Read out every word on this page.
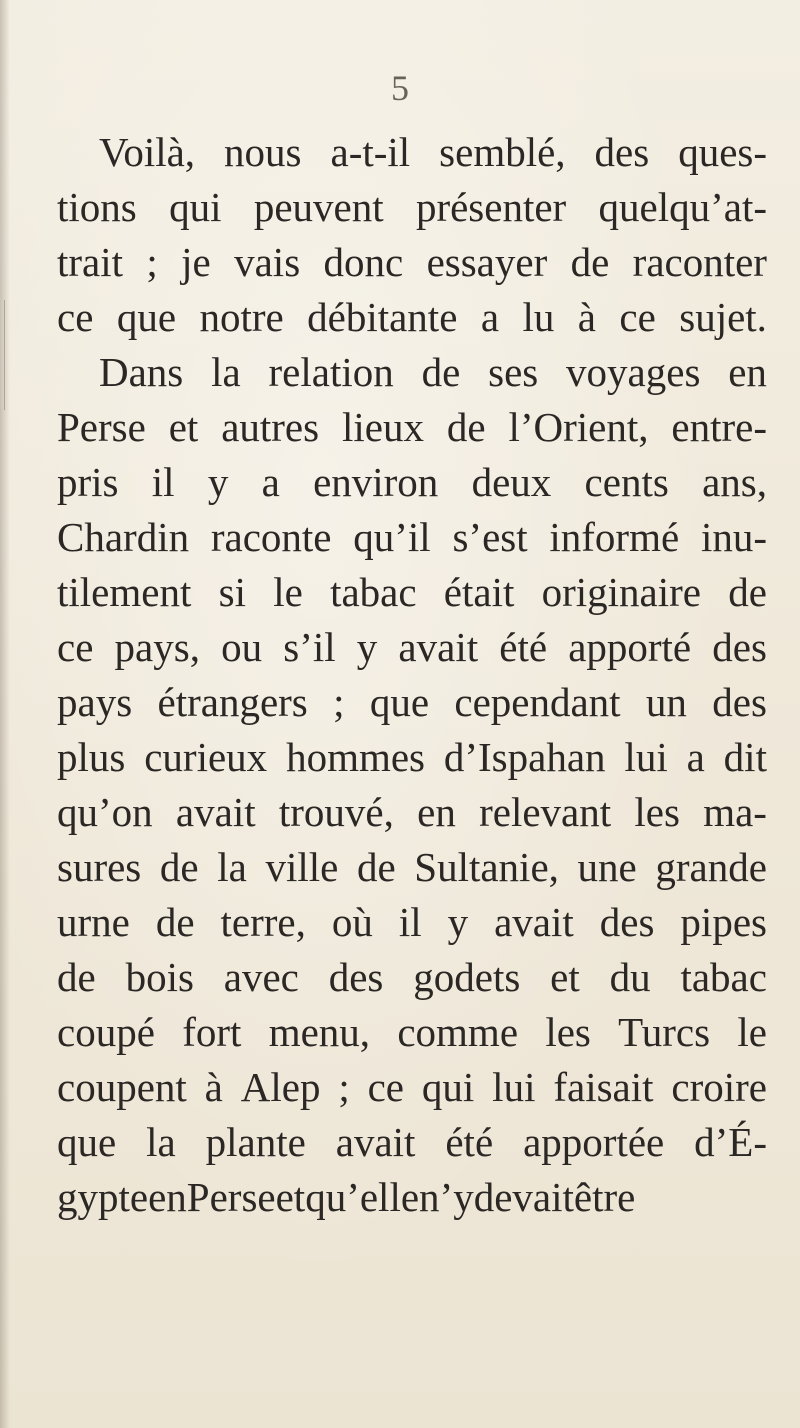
5
Voilà, nous a-t-il semblé, des ques-
tions qui peuvent présenter quelqu’at-
trait ; je vais donc essayer de raconter
ce que notre débitante a lu à ce sujet.
Dans la relation de ses voyages en
Perse et autres lieux de l’Orient, entre-
pris il y a environ deux cents ans,
Chardin raconte qu’il s’est informé inu-
tilement si le tabac était originaire de
ce pays, ou s’il y avait été apporté des
pays étrangers ; que cependant un des
plus curieux hommes d’Ispahan lui a dit
qu’on avait trouvé, en relevant les ma-
sures de la ville de Sultanie, une grande
urne de terre, où il y avait des pipes
de bois avec des godets et du tabac
coupé fort menu, comme les Turcs le
coupent à Alep ; ce qui lui faisait croire
que la plante avait été apportée d’É-
gypte en Perse et qu’elle n’y devait être
